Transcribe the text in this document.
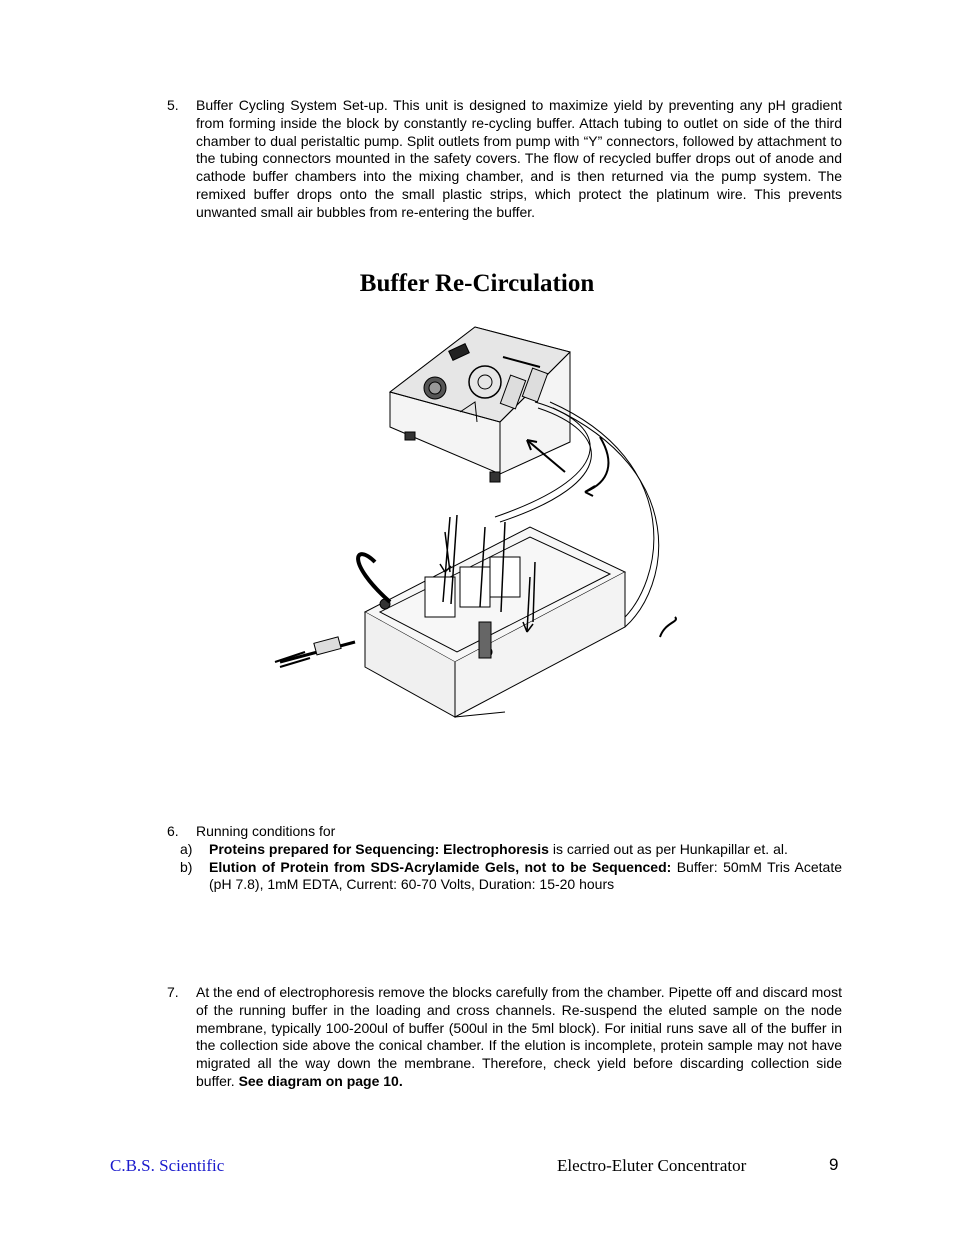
5. Buffer Cycling System Set-up. This unit is designed to maximize yield by preventing any pH gradient from forming inside the block by constantly re-cycling buffer. Attach tubing to outlet on side of the third chamber to dual peristaltic pump. Split outlets from pump with “Y” connectors, followed by attachment to the tubing connectors mounted in the safety covers. The flow of recycled buffer drops out of anode and cathode buffer chambers into the mixing chamber, and is then returned via the pump system. The remixed buffer drops onto the small plastic strips, which protect the platinum wire. This prevents unwanted small air bubbles from re-entering the buffer.
Buffer Re-Circulation
6. Running conditions for
a) Proteins prepared for Sequencing: Electrophoresis is carried out as per Hunkapillar et. al.
b) Elution of Protein from SDS-Acrylamide Gels, not to be Sequenced: Buffer: 50mM Tris Acetate (pH 7.8), 1mM EDTA, Current: 60-70 Volts, Duration: 15-20 hours
7. At the end of electrophoresis remove the blocks carefully from the chamber. Pipette off and discard most of the running buffer in the loading and cross channels. Re-suspend the eluted sample on the node membrane, typically 100-200ul of buffer (500ul in the 5ml block). For initial runs save all of the buffer in the collection side above the conical chamber. If the elution is incomplete, protein sample may not have migrated all the way down the membrane. Therefore, check yield before discarding collection side buffer. See diagram on page 10.
C.B.S. Scientific	Electro-Eluter Concentrator	9
